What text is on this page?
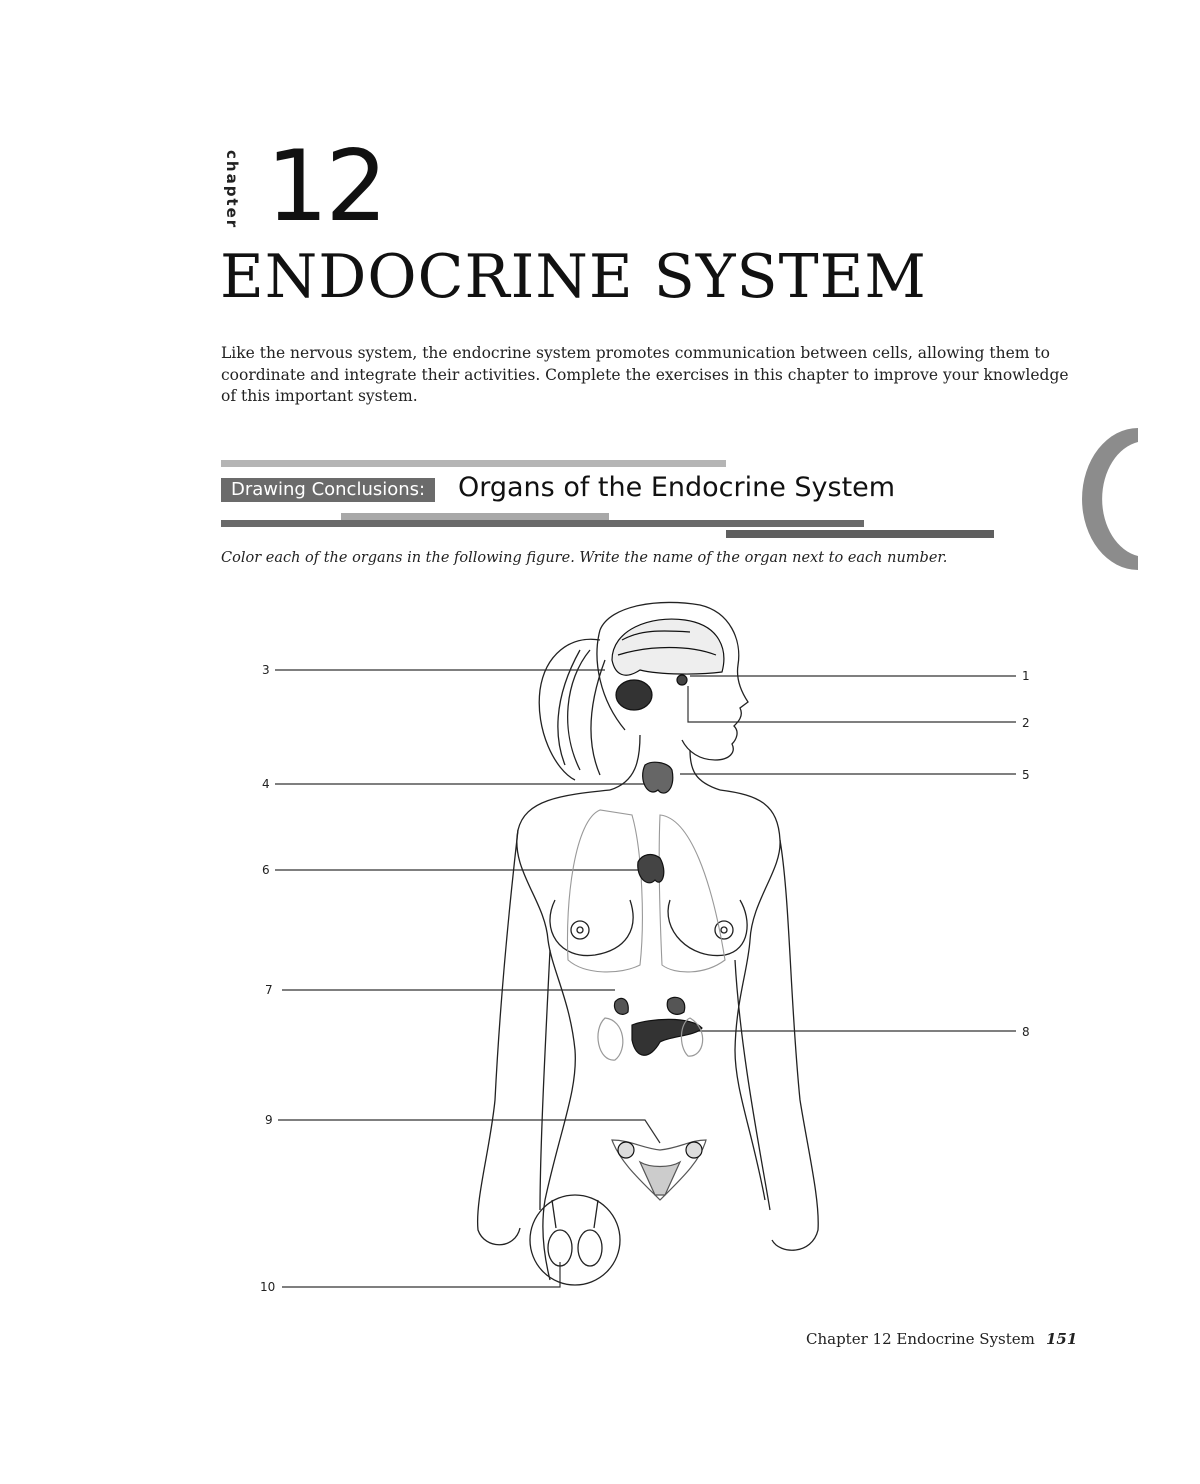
chapter 12
ENDOCRINE SYSTEM
Like the nervous system, the endocrine system promotes communication between cells, allowing them to coordinate and integrate their activities. Complete the exercises in this chapter to improve your knowledge of this important system.
Drawing Conclusions:	Organs of the Endocrine System
Color each of the organs in the following figure. Write the name of the organ next to each number.
1
2
3
4
5
6
7
8
9
10
Chapter 12 Endocrine System 151
